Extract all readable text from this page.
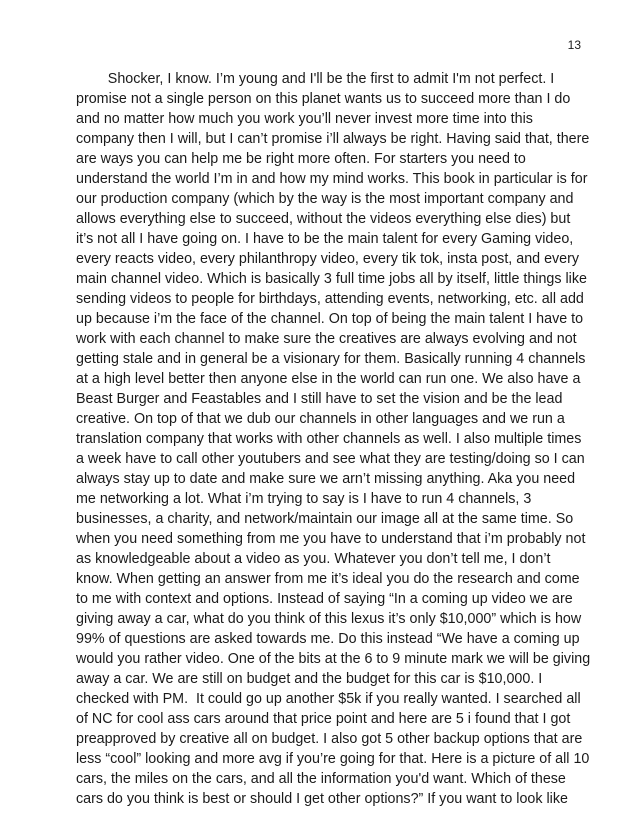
13
Shocker, I know. I’m young and I'll be the first to admit I'm not perfect. I
promise not a single person on this planet wants us to succeed more than I do
and no matter how much you work you’ll never invest more time into this
company then I will, but I can’t promise i’ll always be right. Having said that, there
are ways you can help me be right more often. For starters you need to
understand the world I’m in and how my mind works. This book in particular is for
our production company (which by the way is the most important company and
allows everything else to succeed, without the videos everything else dies) but
it’s not all I have going on. I have to be the main talent for every Gaming video,
every reacts video, every philanthropy video, every tik tok, insta post, and every
main channel video. Which is basically 3 full time jobs all by itself, little things like
sending videos to people for birthdays, attending events, networking, etc. all add
up because i’m the face of the channel. On top of being the main talent I have to
work with each channel to make sure the creatives are always evolving and not
getting stale and in general be a visionary for them. Basically running 4 channels
at a high level better then anyone else in the world can run one. We also have a
Beast Burger and Feastables and I still have to set the vision and be the lead
creative. On top of that we dub our channels in other languages and we run a
translation company that works with other channels as well. I also multiple times
a week have to call other youtubers and see what they are testing/doing so I can
always stay up to date and make sure we arn’t missing anything. Aka you need
me networking a lot. What i’m trying to say is I have to run 4 channels, 3
businesses, a charity, and network/maintain our image all at the same time. So
when you need something from me you have to understand that i’m probably not
as knowledgeable about a video as you. Whatever you don’t tell me, I don’t
know. When getting an answer from me it’s ideal you do the research and come
to me with context and options. Instead of saying “In a coming up video we are
giving away a car, what do you think of this lexus it’s only $10,000” which is how
99% of questions are asked towards me. Do this instead “We have a coming up
would you rather video. One of the bits at the 6 to 9 minute mark we will be giving
away a car. We are still on budget and the budget for this car is $10,000. I
checked with PM.  It could go up another $5k if you really wanted. I searched all
of NC for cool ass cars around that price point and here are 5 i found that I got
preapproved by creative all on budget. I also got 5 other backup options that are
less “cool” looking and more avg if you’re going for that. Here is a picture of all 10
cars, the miles on the cars, and all the information you'd want. Which of these
cars do you think is best or should I get other options?” If you want to look like
